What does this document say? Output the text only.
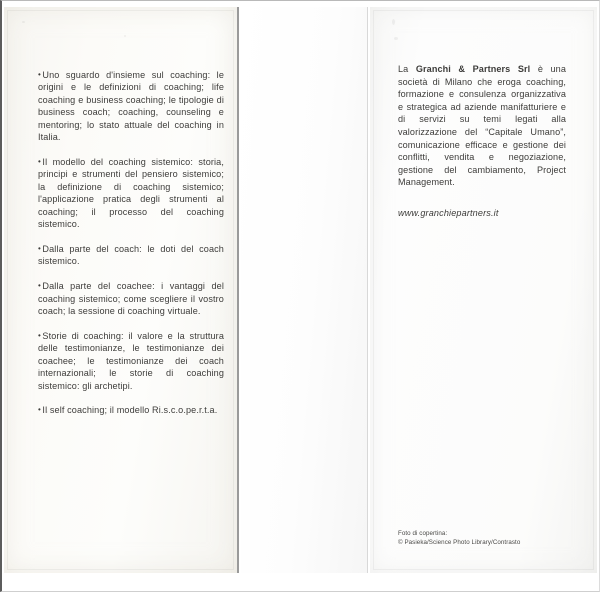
• Uno sguardo d'insieme sul coaching: le origini e le definizioni di coaching; life coaching e business coaching; le tipologie di business coach; coaching, counseling e mentoring; lo stato attuale del coaching in Italia.

• Il modello del coaching sistemico: storia, principi e strumenti del pensiero sistemico; la definizione di coaching sistemico; l'applicazione pratica degli strumenti al coaching; il processo del coaching sistemico.

• Dalla parte del coach: le doti del coach sistemico.

• Dalla parte del coachee: i vantaggi del coaching sistemico; come scegliere il vostro coach; la sessione di coaching virtuale.

• Storie di coaching: il valore e la struttura delle testimonianze, le testimonianze dei coachee; le testimonianze dei coach internazionali; le storie di coaching sistemico: gli archetipi.

• Il self coaching; il modello Ri.s.c.o.pe.r.t.a.

La Granchi & Partners Srl è una società di Milano che eroga coaching, formazione e consulenza organizzativa e strategica ad aziende manifatturiere e di servizi su temi legati alla valorizzazione del “Capitale Umano”, comunicazione efficace e gestione dei conflitti, vendita e negoziazione, gestione del cambiamento, Project Management.

www.granchiepartners.it

Foto di copertina:
© Pasieka/Science Photo Library/Contrasto
